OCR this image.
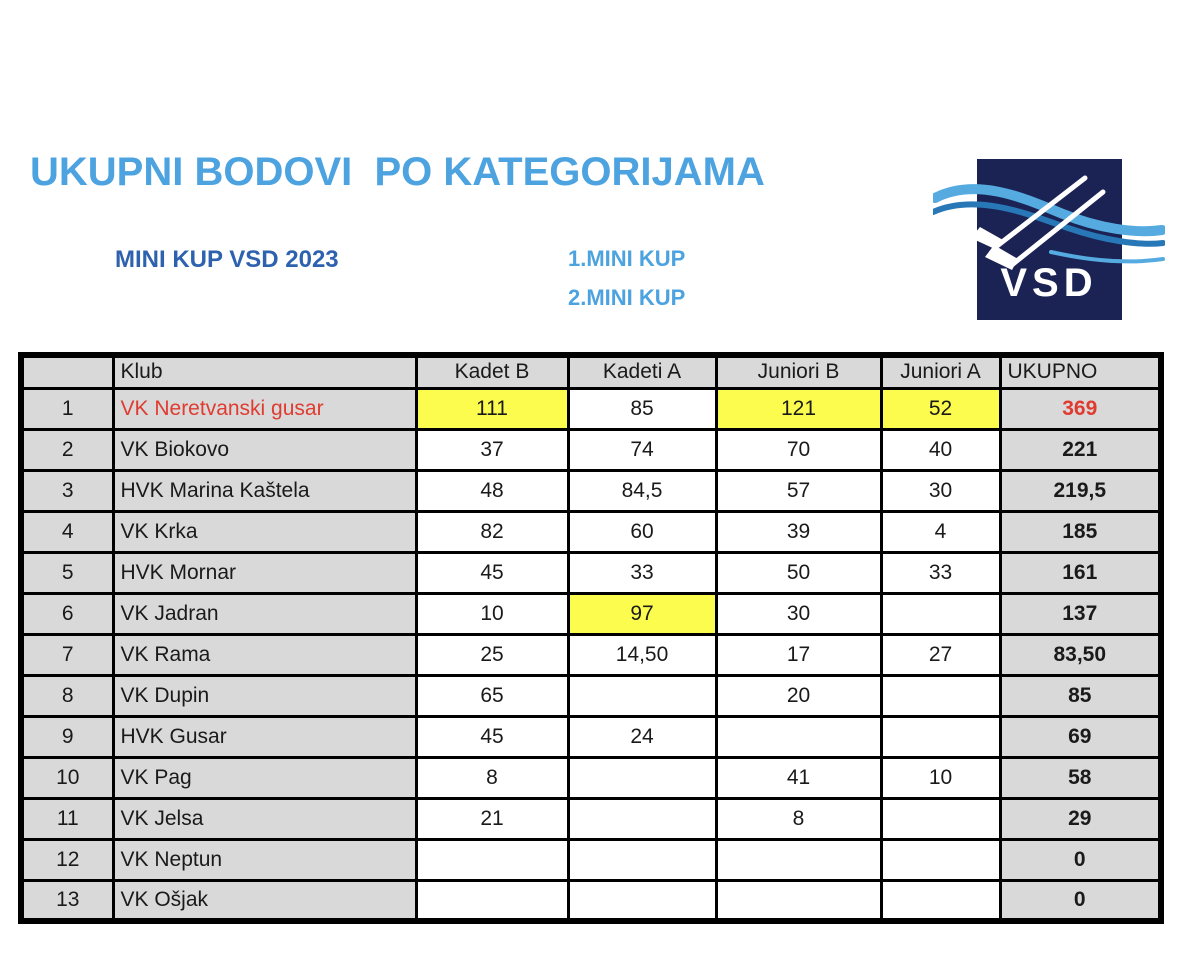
UKUPNI BODOVI  PO KATEGORIJAMA
MINI KUP VSD 2023	1.MINI KUP
2.MINI KUP	VSD
	Klub	Kadet B	Kadeti A	Juniori B	Juniori A	UKUPNO
1	VK Neretvanski gusar	111	85	121	52	369
2	VK Biokovo	37	74	70	40	221
3	HVK Marina Kaštela	48	84,5	57	30	219,5
4	VK Krka	82	60	39	4	185
5	HVK Mornar	45	33	50	33	161
6	VK Jadran	10	97	30		137
7	VK Rama	25	14,50	17	27	83,50
8	VK Dupin	65		20		85
9	HVK Gusar	45	24			69
10	VK Pag	8		41	10	58
11	VK Jelsa	21		8		29
12	VK Neptun					0
13	VK Ošjak					0
